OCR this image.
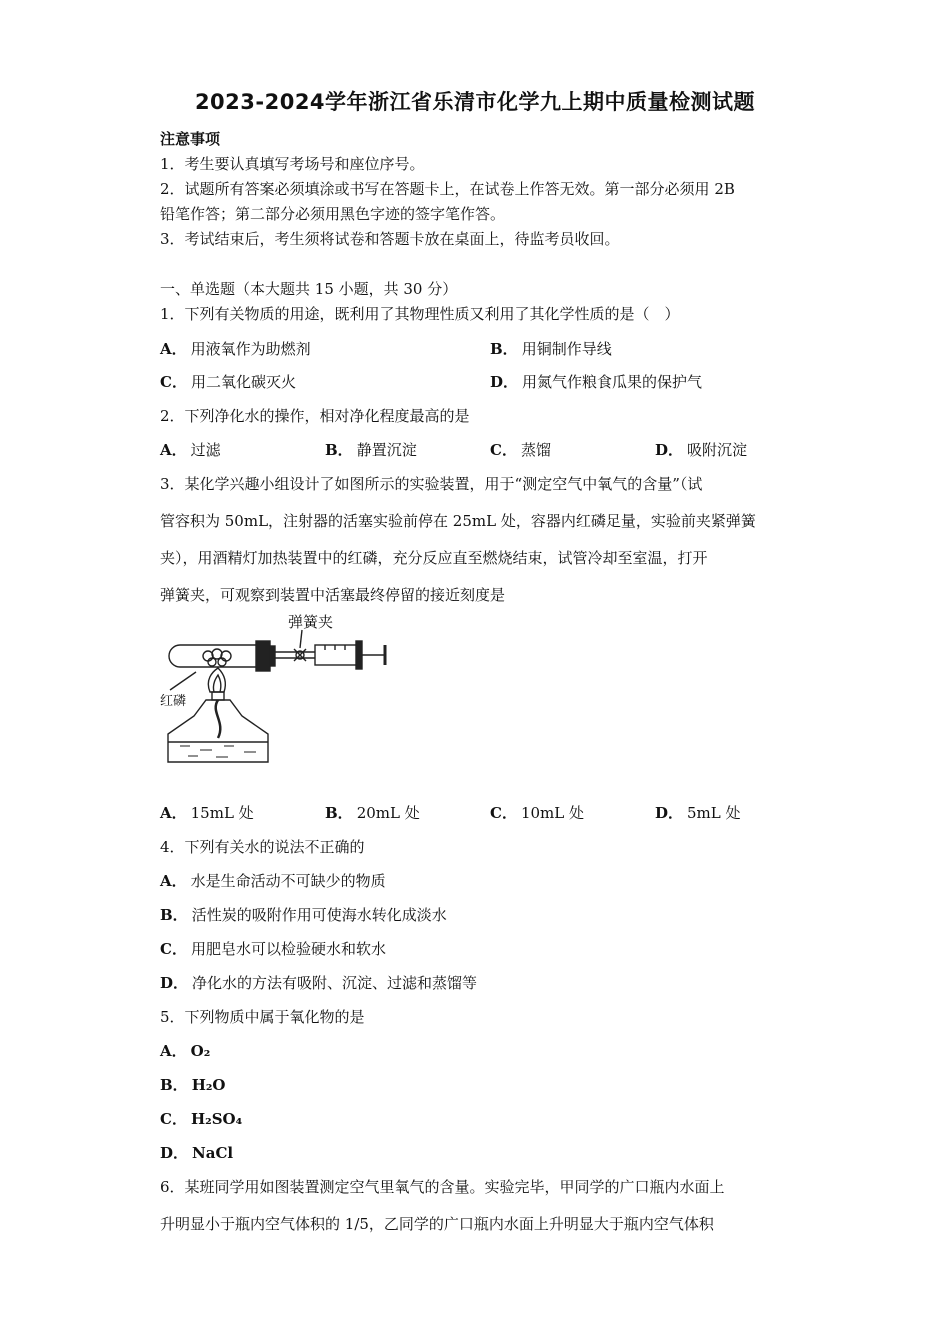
2023-2024学年浙江省乐清市化学九上期中质量检测试题
注意事项
1．考生要认真填写考场号和座位序号。
2．试题所有答案必须填涂或书写在答题卡上，在试卷上作答无效。第一部分必须用 2B
铅笔作答；第二部分必须用黑色字迹的签字笔作答。
3．考试结束后，考生须将试卷和答题卡放在桌面上，待监考员收回。
一、单选题（本大题共 15 小题，共 30 分）
1．下列有关物质的用途，既利用了其物理性质又利用了其化学性质的是（　）
A． 用液氧作为助燃剂	B． 用铜制作导线
C． 用二氧化碳灭火	D． 用氮气作粮食瓜果的保护气
2．下列净化水的操作，相对净化程度最高的是
A． 过滤	B． 静置沉淀	C． 蒸馏	D． 吸附沉淀
3．某化学兴趣小组设计了如图所示的实验装置，用于“测定空气中氧气的含量”（试
管容积为 50mL，注射器的活塞实验前停在 25mL 处，容器内红磷足量，实验前夹紧弹簧
夹），用酒精灯加热装置中的红磷，充分反应直至燃烧结束，试管冷却至室温，打开
弹簧夹，可观察到装置中活塞最终停留的接近刻度是
弹簧夹
红磷
A． 15mL 处	B． 20mL 处	C． 10mL 处	D． 5mL 处
4．下列有关水的说法不正确的
A． 水是生命活动不可缺少的物质
B． 活性炭的吸附作用可使海水转化成淡水
C． 用肥皂水可以检验硬水和软水
D． 净化水的方法有吸附、沉淀、过滤和蒸馏等
5．下列物质中属于氧化物的是
A． O₂
B． H₂O
C． H₂SO₄
D． NaCl
6．某班同学用如图装置测定空气里氧气的含量。实验完毕，甲同学的广口瓶内水面上
升明显小于瓶内空气体积的 1/5，乙同学的广口瓶内水面上升明显大于瓶内空气体积
